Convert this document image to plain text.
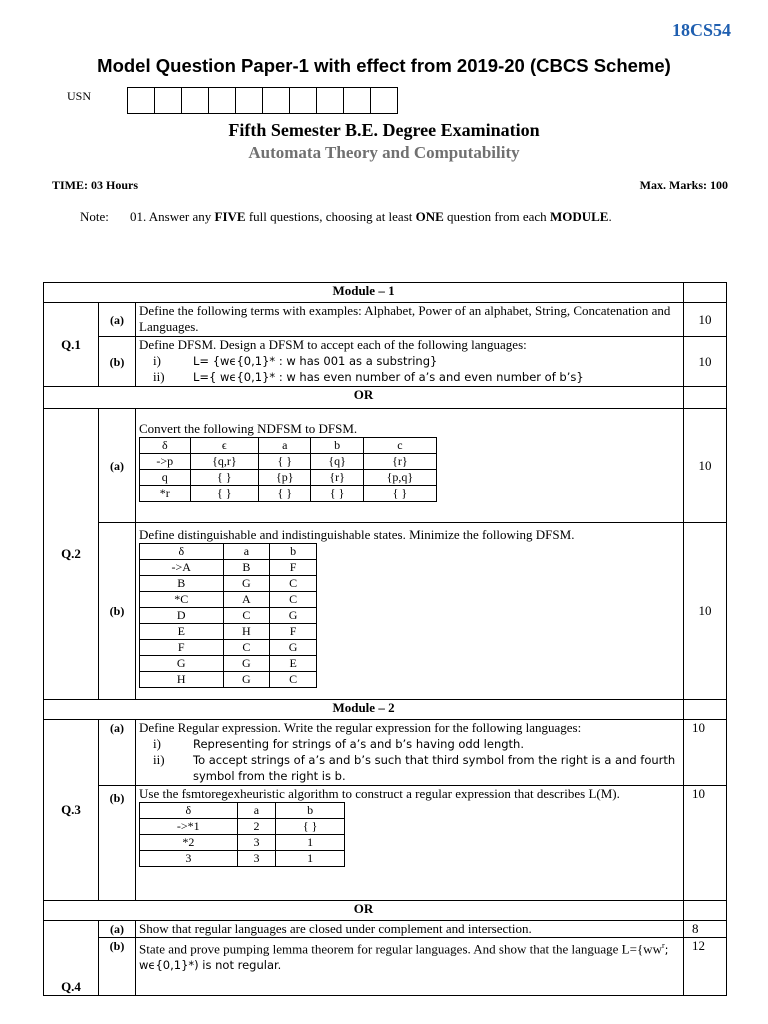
18CS54
Model Question Paper-1 with effect from 2019-20 (CBCS Scheme)
USN
Fifth Semester B.E. Degree Examination
Automata Theory and Computability
TIME: 03 Hours	Max. Marks: 100
Note: 01. Answer any FIVE full questions, choosing at least ONE question from each MODULE.
Module – 1	
Q.1	(a)	Define the following terms with examples: Alphabet, Power of an alphabet, String, Concatenation and Languages.	10
(b)	
Define DFSM. Design a DFSM to accept each of the following languages:
i)	L= {wϵ{0,1}* : w has 001 as a substring}
ii)	L={ wϵ{0,1}* : w has even number of a’s and even number of b’s}
	10
OR	
Q.2	(a)	
Convert the following NDFSM to DFSM.
δ	ϵ	a	b	c
->p	{q,r}	{ }	{q}	{r}
q	{ }	{p}	{r}	{p,q}
*r	{ }	{ }	{ }	{ }
	10
(b)	
Define distinguishable and indistinguishable states. Minimize the following DFSM.
δ	a	b
->A	B	F
B	G	C
*C	A	C
D	C	G
E	H	F
F	C	G
G	G	E
H	G	C
	10
Module – 2	
Q.3	(a)	Define Regular expression. Write the regular expression for the following languages:
i)	Representing for strings of a’s and b’s having odd length.
ii)	To accept strings of a’s and b’s such that third symbol from the right is a and fourth symbol from the right is b.
	10
(b)	Use the fsmtoregexheuristic algorithm to construct a regular expression that describes L(M).
δ	a	b
->*1	2	{ }
*2	3	1
3	3	1
	10
OR	
Q.4	(a)	Show that regular languages are closed under complement and intersection.	8
(b)	State and prove pumping lemma theorem for regular languages. And show that the language $L=\{ww^r$; wϵ{0,1}*) is not regular.	12
